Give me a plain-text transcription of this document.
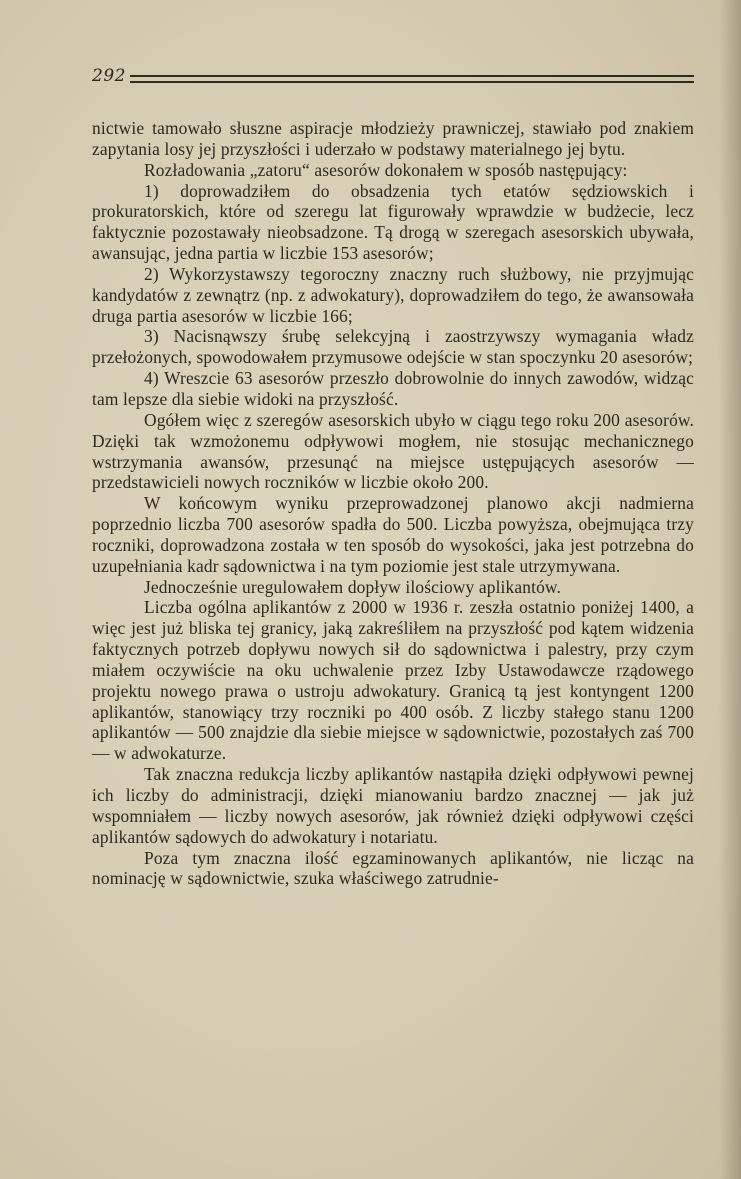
292

nictwie tamowało słuszne aspiracje młodzieży prawniczej, stawiało pod znakiem zapytania losy jej przyszłości i uderzało w podstawy materialnego jej bytu.

Rozładowania „zatoru“ asesorów dokonałem w sposób następujący:

1) doprowadziłem do obsadzenia tych etatów sędziowskich i prokuratorskich, które od szeregu lat figurowały wprawdzie w budżecie, lecz faktycznie pozostawały nieobsadzone. Tą drogą w szeregach asesorskich ubywała, awansując, jedna partia w liczbie 153 asesorów;

2) Wykorzystawszy tegoroczny znaczny ruch służbowy, nie przyjmując kandydatów z zewnątrz (np. z adwokatury), doprowadziłem do tego, że awansowała druga partia asesorów w liczbie 166;

3) Nacisnąwszy śrubę selekcyjną i zaostrzywszy wymagania władz przełożonych, spowodowałem przymusowe odejście w stan spoczynku 20 asesorów;

4) Wreszcie 63 asesorów przeszło dobrowolnie do innych zawodów, widząc tam lepsze dla siebie widoki na przyszłość.

Ogółem więc z szeregów asesorskich ubyło w ciągu tego roku 200 asesorów. Dzięki tak wzmożonemu odpływowi mogłem, nie stosując mechanicznego wstrzymania awansów, przesunąć na miejsce ustępujących asesorów — przedstawicieli nowych roczników w liczbie około 200.

W końcowym wyniku przeprowadzonej planowo akcji nadmierna poprzednio liczba 700 asesorów spadła do 500. Liczba powyższa, obejmująca trzy roczniki, doprowadzona została w ten sposób do wysokości, jaka jest potrzebna do uzupełniania kadr sądownictwa i na tym poziomie jest stale utrzymywana.

Jednocześnie uregulowałem dopływ ilościowy aplikantów.

Liczba ogólna aplikantów z 2000 w 1936 r. zeszła ostatnio poniżej 1400, a więc jest już bliska tej granicy, jaką zakreśliłem na przyszłość pod kątem widzenia faktycznych potrzeb dopływu nowych sił do sądownictwa i palestry, przy czym miałem oczywiście na oku uchwalenie przez Izby Ustawodawcze rządowego projektu nowego prawa o ustroju adwokatury. Granicą tą jest kontyngent 1200 aplikantów, stanowiący trzy roczniki po 400 osób. Z liczby stałego stanu 1200 aplikantów — 500 znajdzie dla siebie miejsce w sądownictwie, pozostałych zaś 700 — w adwokaturze.

Tak znaczna redukcja liczby aplikantów nastąpiła dzięki odpływowi pewnej ich liczby do administracji, dzięki mianowaniu bardzo znacznej — jak już wspomniałem — liczby nowych asesorów, jak również dzięki odpływowi części aplikantów sądowych do adwokatury i notariatu.

Poza tym znaczna ilość egzaminowanych aplikantów, nie licząc na nominację w sądownictwie, szuka właściwego zatrudnie-
